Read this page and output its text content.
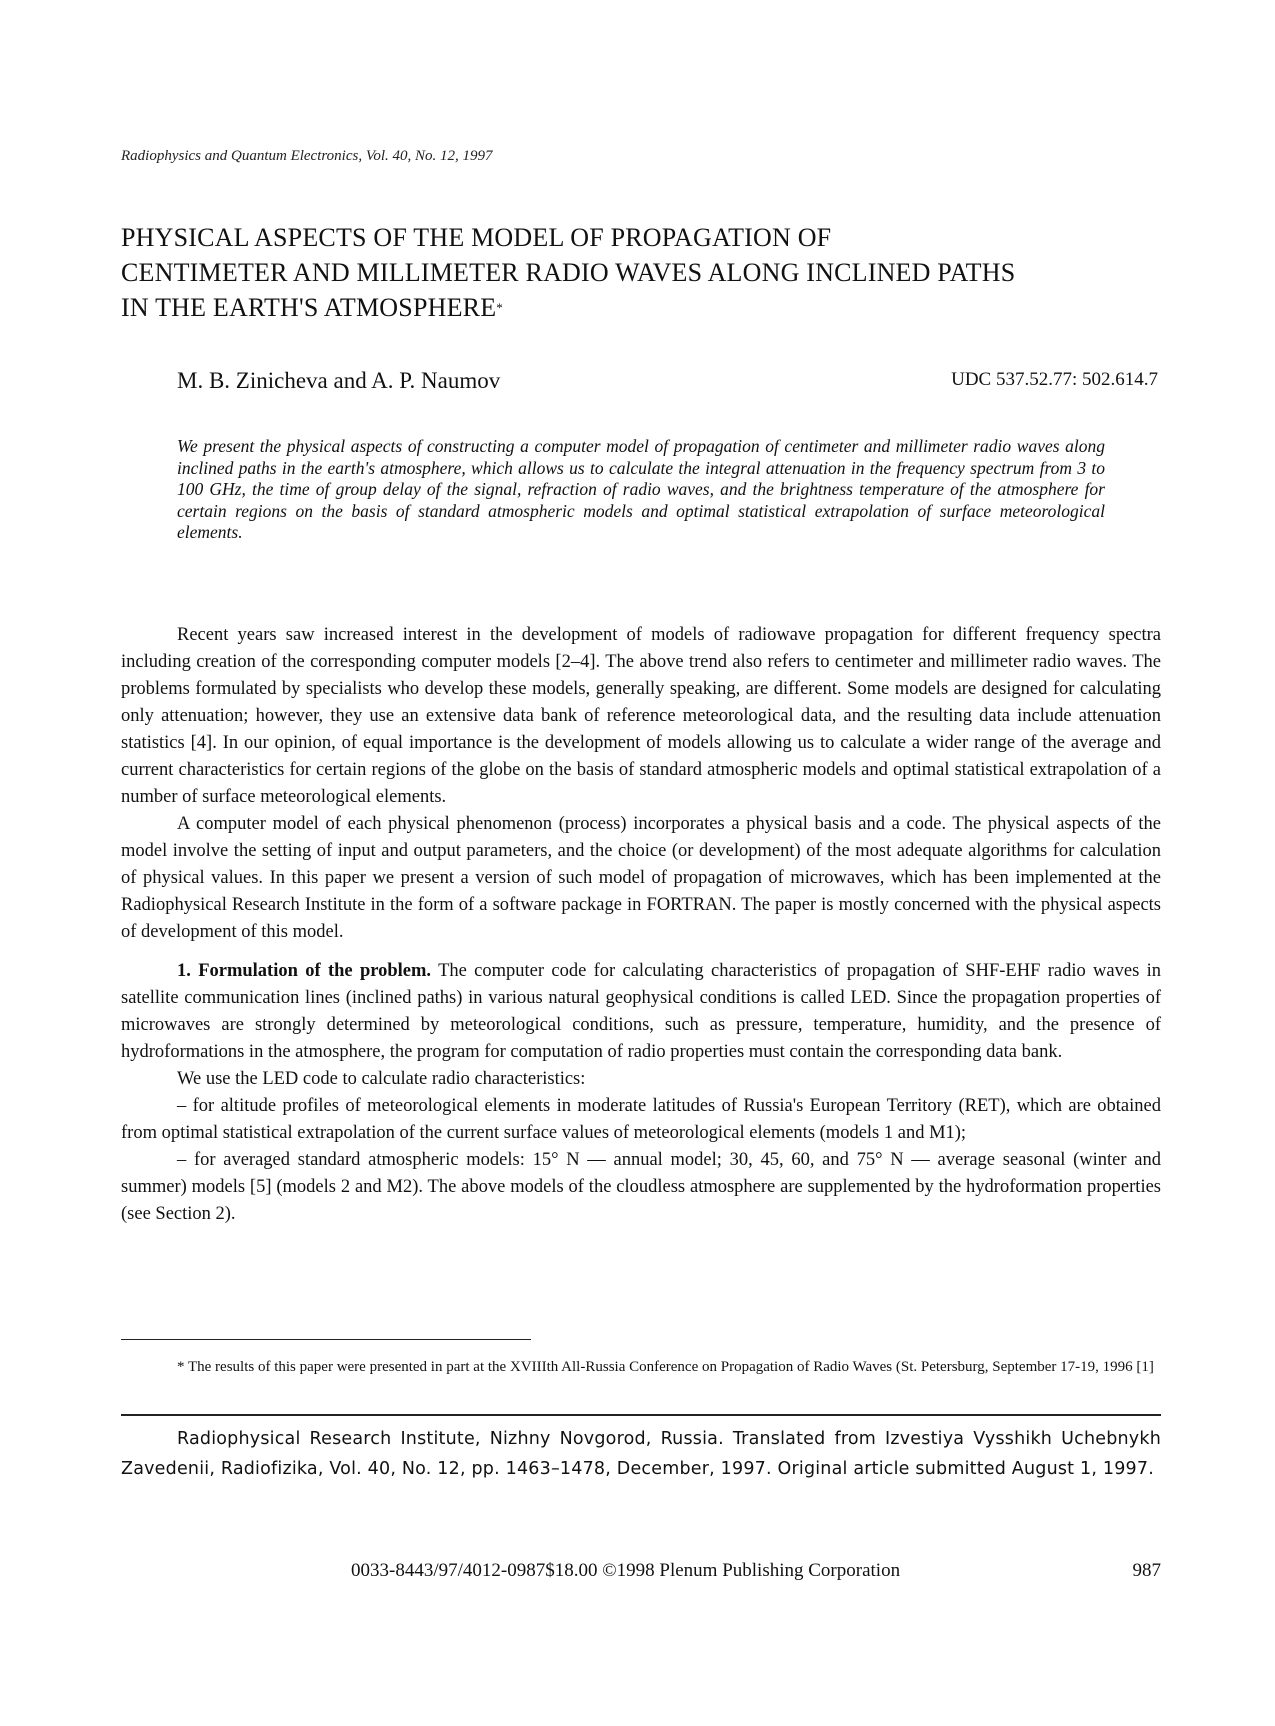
Radiophysics and Quantum Electronics, Vol. 40, No. 12, 1997
PHYSICAL ASPECTS OF THE MODEL OF PROPAGATION OF
CENTIMETER AND MILLIMETER RADIO WAVES ALONG INCLINED PATHS
IN THE EARTH'S ATMOSPHERE*
M. B. Zinicheva and A. P. Naumov	UDC 537.52.77: 502.614.7

We present the physical aspects of constructing a computer model of propagation of centimeter and millimeter radio waves along inclined paths in the earth's atmosphere, which allows us to calculate the integral attenuation in the frequency spectrum from 3 to 100 GHz, the time of group delay of the signal, refraction of radio waves, and the brightness temperature of the atmosphere for certain regions on the basis of standard atmospheric models and optimal statistical extrapolation of surface meteorological elements.

Recent years saw increased interest in the development of models of radiowave propagation for different frequency spectra including creation of the corresponding computer models [2–4]. The above trend also refers to centimeter and millimeter radio waves. The problems formulated by specialists who develop these models, generally speaking, are different. Some models are designed for calculating only attenuation; however, they use an extensive data bank of reference meteorological data, and the resulting data include attenuation statistics [4]. In our opinion, of equal importance is the development of models allowing us to calculate a wider range of the average and current characteristics for certain regions of the globe on the basis of standard atmospheric models and optimal statistical extrapolation of a number of surface meteorological elements.

A computer model of each physical phenomenon (process) incorporates a physical basis and a code. The physical aspects of the model involve the setting of input and output parameters, and the choice (or development) of the most adequate algorithms for calculation of physical values. In this paper we present a version of such model of propagation of microwaves, which has been implemented at the Radiophysical Research Institute in the form of a software package in FORTRAN. The paper is mostly concerned with the physical aspects of development of this model.

1. Formulation of the problem. The computer code for calculating characteristics of propagation of SHF-EHF radio waves in satellite communication lines (inclined paths) in various natural geophysical conditions is called LED. Since the propagation properties of microwaves are strongly determined by meteorological conditions, such as pressure, temperature, humidity, and the presence of hydroformations in the atmosphere, the program for computation of radio properties must contain the corresponding data bank.

We use the LED code to calculate radio characteristics:

– for altitude profiles of meteorological elements in moderate latitudes of Russia's European Territory (RET), which are obtained from optimal statistical extrapolation of the current surface values of meteorological elements (models 1 and M1);

– for averaged standard atmospheric models: 15° N — annual model; 30, 45, 60, and 75° N — average seasonal (winter and summer) models [5] (models 2 and M2). The above models of the cloudless atmosphere are supplemented by the hydroformation properties (see Section 2).

* The results of this paper were presented in part at the XVIIIth All-Russia Conference on Propagation of Radio Waves (St. Petersburg, September 17-19, 1996 [1]

Radiophysical Research Institute, Nizhny Novgorod, Russia. Translated from Izvestiya Vysshikh Uchebnykh Zavedenii, Radiofizika, Vol. 40, No. 12, pp. 1463–1478, December, 1997. Original article submitted August 1, 1997.

0033-8443/97/4012-0987$18.00 ©1998 Plenum Publishing Corporation	987
